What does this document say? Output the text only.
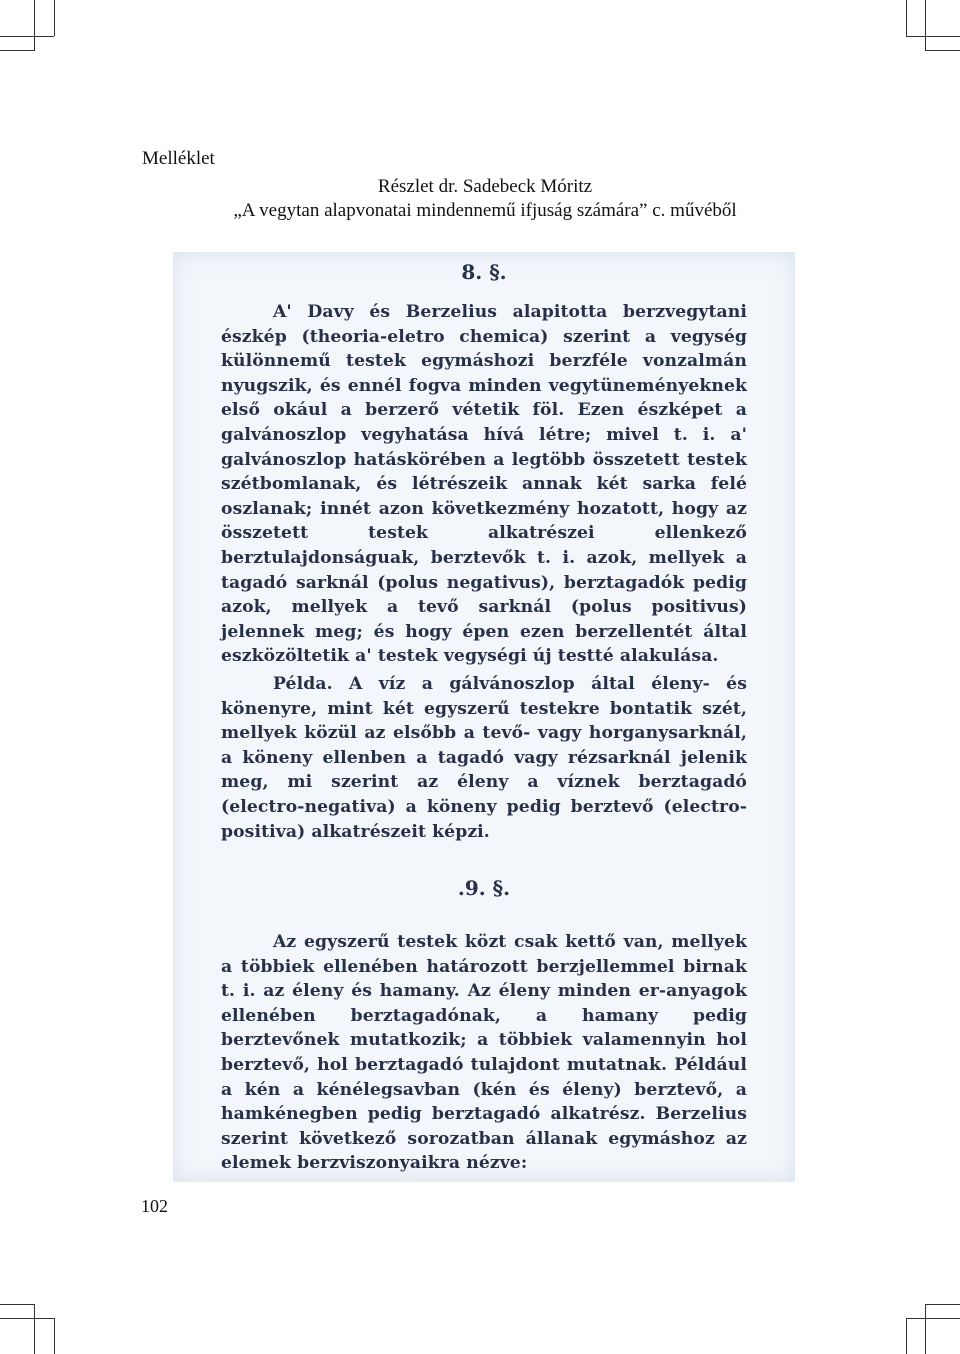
Melléklet
Részlet dr. Sadebeck Móritz
„A vegytan alapvonatai mindennemű ifjuság számára” c. művéből
8. §.

A' Davy és Berzelius alapitotta berzvegytani észkép (theoria-eletro chemica) szerint a vegység különnemű testek egymáshozi berzféle vonzalmán nyugszik, és ennél fogva minden vegytüneményeknek első okául a berzerő vétetik föl. Ezen észképet a galvánoszlop vegyhatása hívá létre; mivel t. i. a' galvánoszlop hatáskörében a legtöbb összetett testek szétbomlanak, és létrészeik annak két sarka felé oszlanak; innét azon következmény hozatott, hogy az összetett testek alkatrészei ellenkező berztulajdonságuak, berztevők t. i. azok, mellyek a tagadó sarknál (polus negativus), berztagadók pedig azok, mellyek a tevő sarknál (polus positivus) jelennek meg; és hogy épen ezen berzellentét által eszközöltetik a' testek vegységi új testté alakulása.

Példa. A víz a gálvánoszlop által éleny- és könenyre, mint két egyszerű testekre bontatik szét, mellyek közül az elsőbb a tevő- vagy horganysarknál, a köneny ellenben a tagadó vagy rézsarknál jelenik meg, mi szerint az éleny a víznek berztagadó (electro-negativa) a köneny pedig berztevő (electro-positiva) alkatrészeit képzi.

.9. §.

Az egyszerű testek közt csak kettő van, mellyek a többiek ellenében határozott berzjellemmel birnak t. i. az éleny és hamany. Az éleny minden er-anyagok ellenében berztagadónak, a hamany pedig berztevőnek mutatkozik; a többiek valamennyin hol berztevő, hol berztagadó tulajdont mutatnak. Például a kén a kénélegsavban (kén és éleny) berztevő, a hamkénegben pedig berztagadó alkatrész. Berzelius szerint következő sorozatban állanak egymáshoz az elemek berzviszonyaikra nézve:

102
